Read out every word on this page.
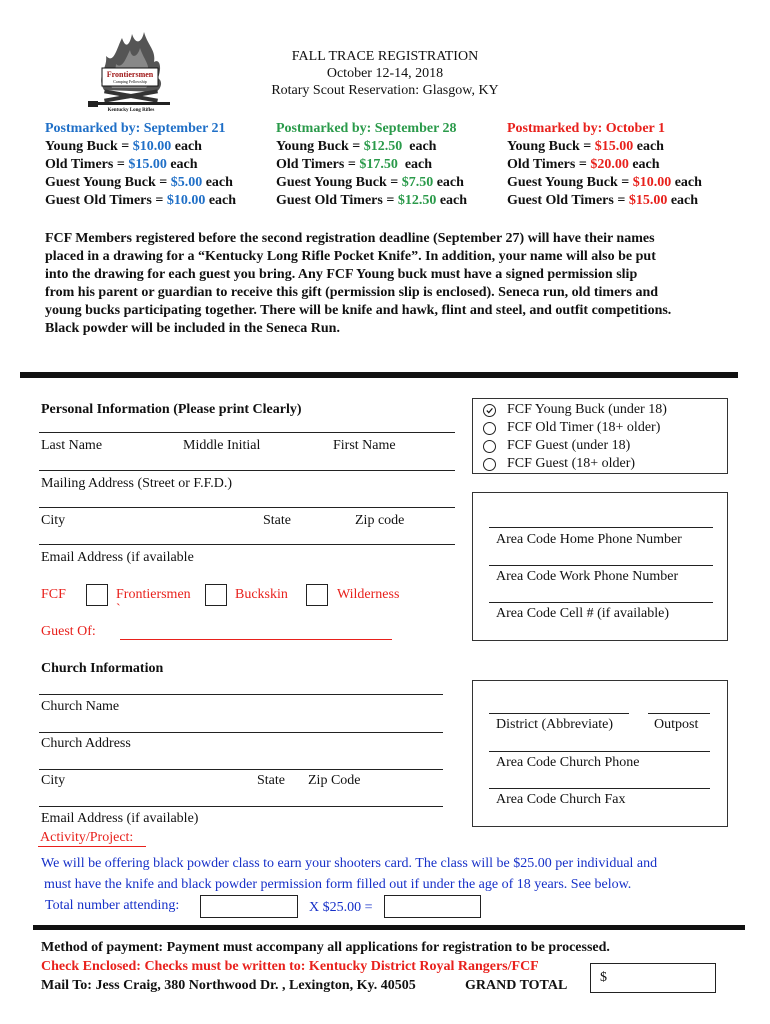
Frontiersmen
Camping Fellowship
Kentucky Long Rifles
FALL TRACE REGISTRATION
October 12-14, 2018
Rotary Scout Reservation: Glasgow, KY
Postmarked by: September 21
Young Buck = $10.00 each
Old Timers = $15.00 each
Guest Young Buck = $5.00 each
Guest Old Timers = $10.00 each
Postmarked by: September 28
Young Buck = $12.50  each
Old Timers = $17.50  each
Guest Young Buck = $7.50 each
Guest Old Timers = $12.50 each
Postmarked by: October 1
Young Buck = $15.00 each
Old Timers = $20.00 each
Guest Young Buck = $10.00 each
Guest Old Timers = $15.00 each
FCF Members registered before the second registration deadline (September 27) will have their names
placed in a drawing for a “Kentucky Long Rifle Pocket Knife”. In addition, your name will also be put
into the drawing for each guest you bring. Any FCF Young buck must have a signed permission slip
from his parent or guardian to receive this gift (permission slip is enclosed). Seneca run, old timers and
young bucks participating together. There will be knife and hawk, flint and steel, and outfit competitions.
Black powder will be included in the Seneca Run.
Personal Information (Please print Clearly)
Last Name	Middle Initial	First Name
Mailing Address (Street or F.F.D.)
City	State	Zip code
Email Address (if available
FCF	Frontiersmen
`
Buckskin	Wilderness
Guest Of:
FCF Young Buck (under 18)
FCF Old Timer (18+ older)
FCF Guest (under 18)
FCF Guest (18+ older)
Area Code Home Phone Number
Area Code Work Phone Number
Area Code Cell # (if available)
Church Information
Church Name
Church Address
City	State Zip Code
Email Address (if available)
District (Abbreviate)	Outpost
Area Code Church Phone
Area Code Church Fax
Activity/Project:
We will be offering black powder class to earn your shooters card. The class will be $25.00 per individual and
must have the knife and black powder permission form filled out if under the age of 18 years. See below.
Total number attending:	X $25.00 =
Method of payment: Payment must accompany all applications for registration to be processed.
Check Enclosed: Checks must be written to: Kentucky District Royal Rangers/FCF
Mail To: Jess Craig, 380 Northwood Dr. , Lexington, Ky. 40505	GRAND TOTAL
$
